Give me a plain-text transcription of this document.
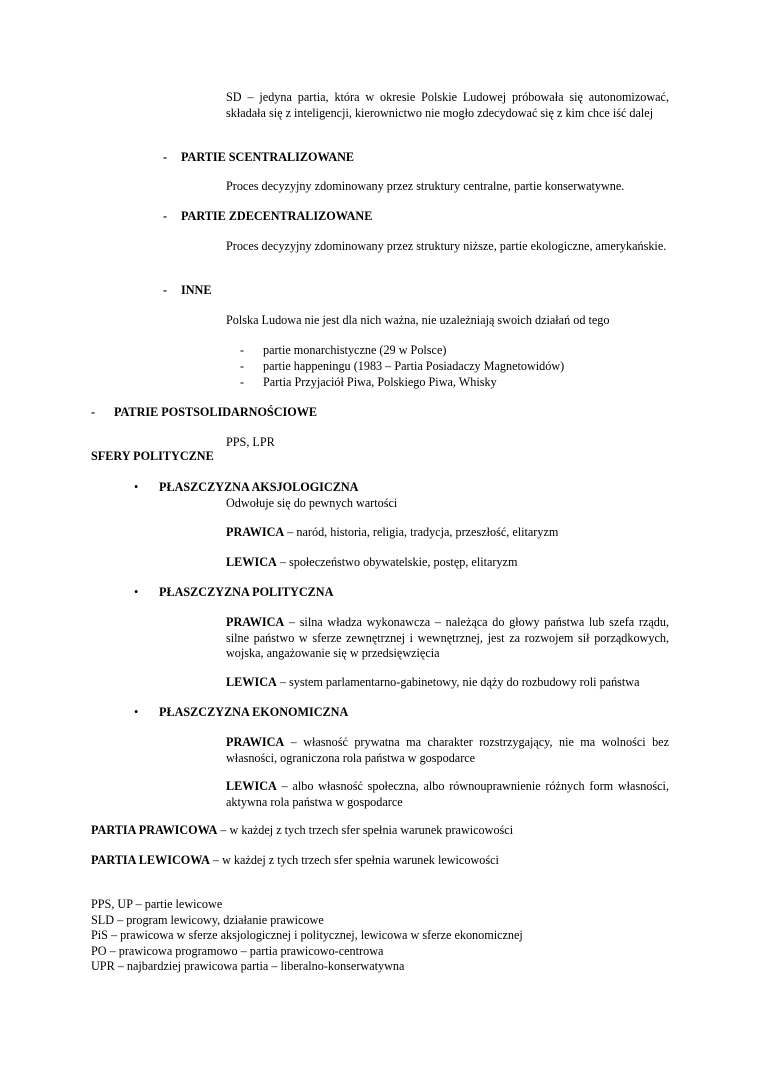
SD – jedyna partia, która w okresie Polskie Ludowej próbowała się autonomizować, składała się z inteligencji, kierownictwo nie mogło zdecydować się z kim chce iść dalej

- PARTIE SCENTRALIZOWANE

Proces decyzyjny zdominowany przez struktury centralne, partie konserwatywne.

- PARTIE ZDECENTRALIZOWANE

Proces decyzyjny zdominowany przez struktury niższe, partie ekologiczne, amerykańskie.

- INNE

Polska Ludowa nie jest dla nich ważna, nie uzależniają swoich działań od tego

- partie monarchistyczne (29 w Polsce)
- partie happeningu (1983 – Partia Posiadaczy Magnetowidów)
- Partia Przyjaciół Piwa, Polskiego Piwa, Whisky
- PATRIE POSTSOLIDARNOŚCIOWE

PPS, LPR

SFERY POLITYCZNE
• PŁASZCZYZNA AKSJOLOGICZNA

Odwołuje się do pewnych wartości

PRAWICA – naród, historia, religia, tradycja, przeszłość, elitaryzm

LEWICA – społeczeństwo obywatelskie, postęp, elitaryzm

• PŁASZCZYZNA POLITYCZNA

PRAWICA – silna władza wykonawcza – należąca do głowy państwa lub szefa rządu, silne państwo w sferze zewnętrznej i wewnętrznej, jest za rozwojem sił porządkowych, wojska, angażowanie się w przedsięwzięcia

LEWICA – system parlamentarno-gabinetowy, nie dąży do rozbudowy roli państwa

• PŁASZCZYZNA EKONOMICZNA

PRAWICA – własność prywatna ma charakter rozstrzygający, nie ma wolności bez własności, ograniczona rola państwa w gospodarce

LEWICA – albo własność społeczna, albo równouprawnienie różnych form własności, aktywna rola państwa w gospodarce

PARTIA PRAWICOWA – w każdej z tych trzech sfer spełnia warunek prawicowości

PARTIA LEWICOWA – w każdej z tych trzech sfer spełnia warunek lewicowości

PPS, UP – partie lewicowe
SLD – program lewicowy, działanie prawicowe
PiS – prawicowa w sferze aksjologicznej i politycznej, lewicowa w sferze ekonomicznej
PO – prawicowa programowo – partia prawicowo-centrowa
UPR – najbardziej prawicowa partia – liberalno-konserwatywna
